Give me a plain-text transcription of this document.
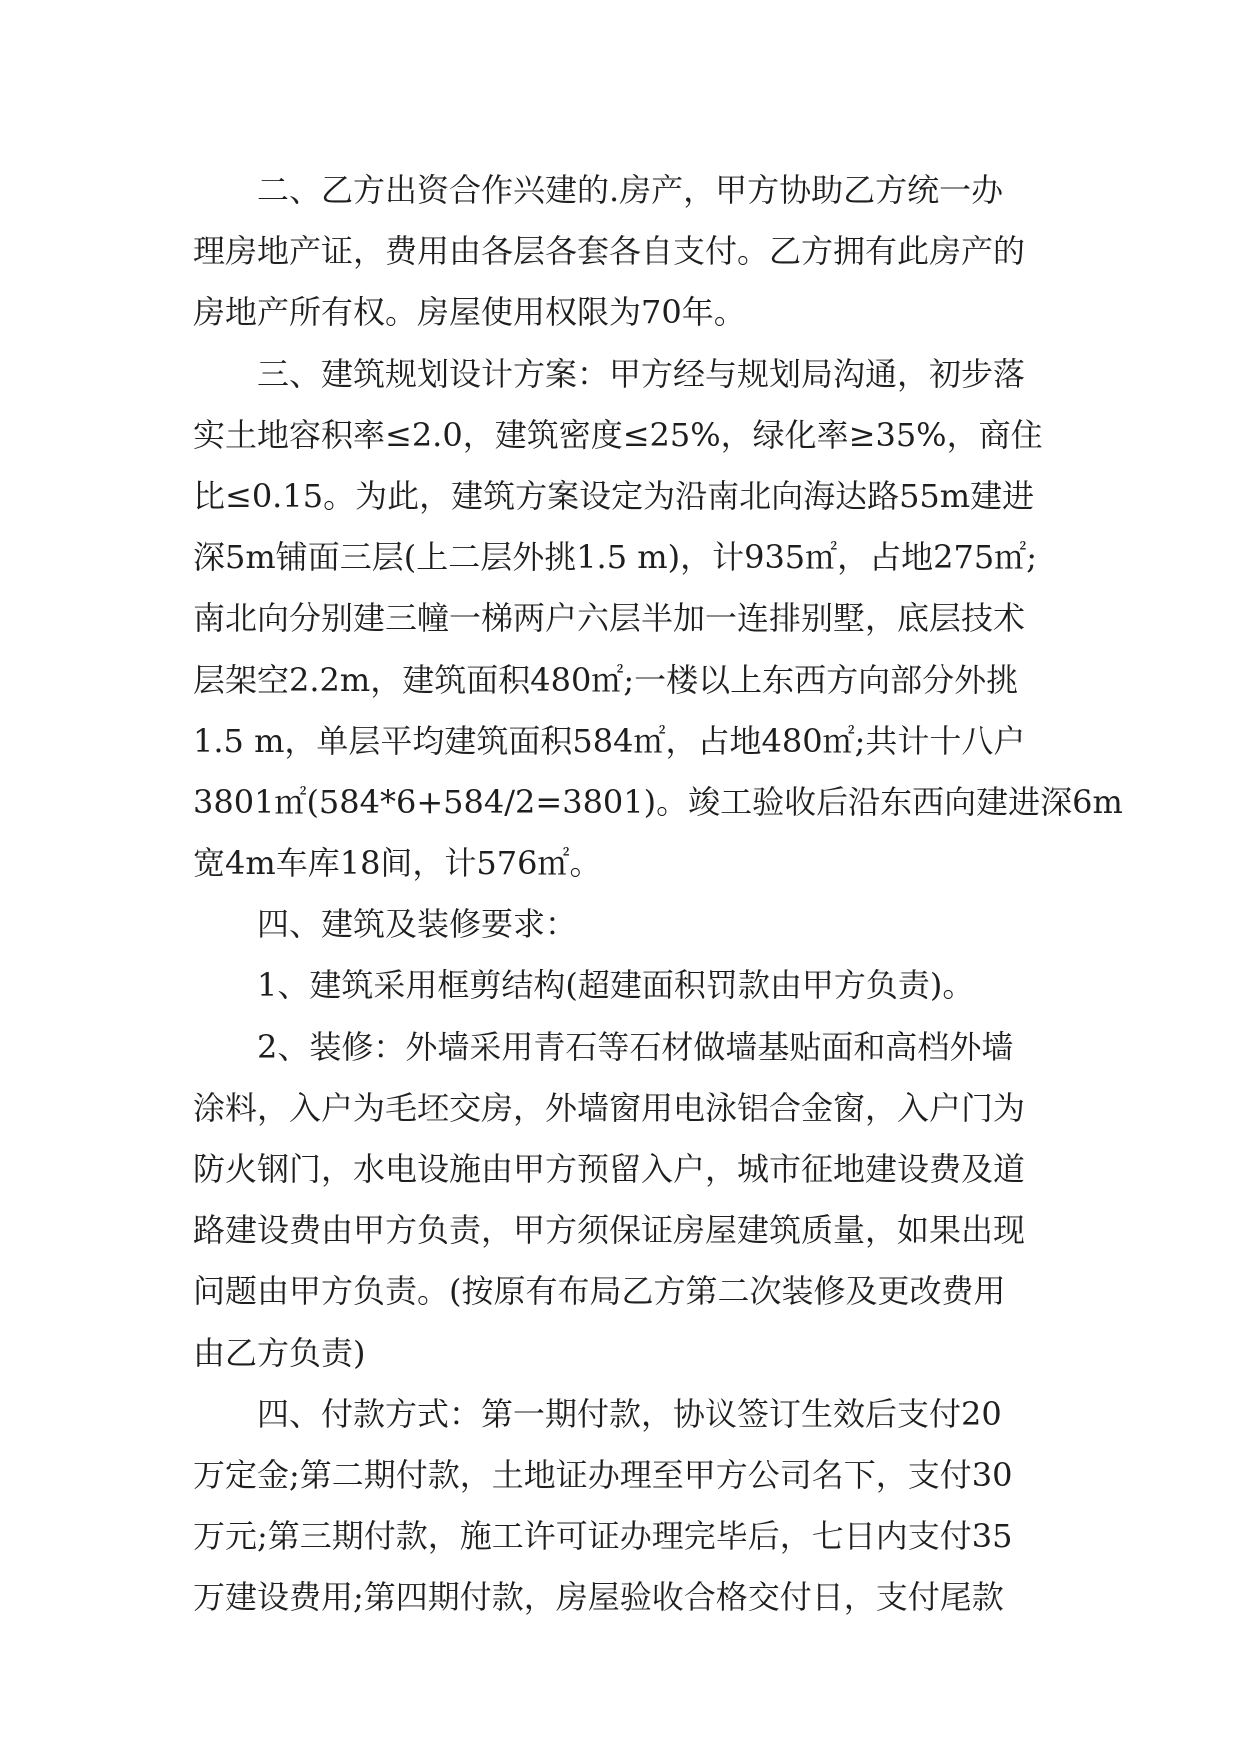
二、乙方出资合作兴建的.房产，甲方协助乙方统一办
理房地产证，费用由各层各套各自支付。乙方拥有此房产的
房地产所有权。房屋使用权限为70年。
三、建筑规划设计方案：甲方经与规划局沟通，初步落
实土地容积率≤2.0，建筑密度≤25%，绿化率≥35%，商住
比≤0.15。为此，建筑方案设定为沿南北向海达路55m建进
深5m铺面三层(上二层外挑1.5 m)，计935㎡，占地275㎡;
南北向分别建三幢一梯两户六层半加一连排别墅，底层技术
层架空2.2m，建筑面积480㎡;一楼以上东西方向部分外挑
1.5 m，单层平均建筑面积584㎡，占地480㎡;共计十八户
3801㎡(584*6+584/2=3801)。竣工验收后沿东西向建进深6m
宽4m车库18间，计576㎡。
四、建筑及装修要求：
1、建筑采用框剪结构(超建面积罚款由甲方负责)。
2、装修：外墙采用青石等石材做墙基贴面和高档外墙
涂料，入户为毛坯交房，外墙窗用电泳铝合金窗，入户门为
防火钢门，水电设施由甲方预留入户，城市征地建设费及道
路建设费由甲方负责，甲方须保证房屋建筑质量，如果出现
问题由甲方负责。(按原有布局乙方第二次装修及更改费用
由乙方负责)
四、付款方式：第一期付款，协议签订生效后支付20
万定金;第二期付款，土地证办理至甲方公司名下，支付30
万元;第三期付款，施工许可证办理完毕后，七日内支付35
万建设费用;第四期付款，房屋验收合格交付日，支付尾款
